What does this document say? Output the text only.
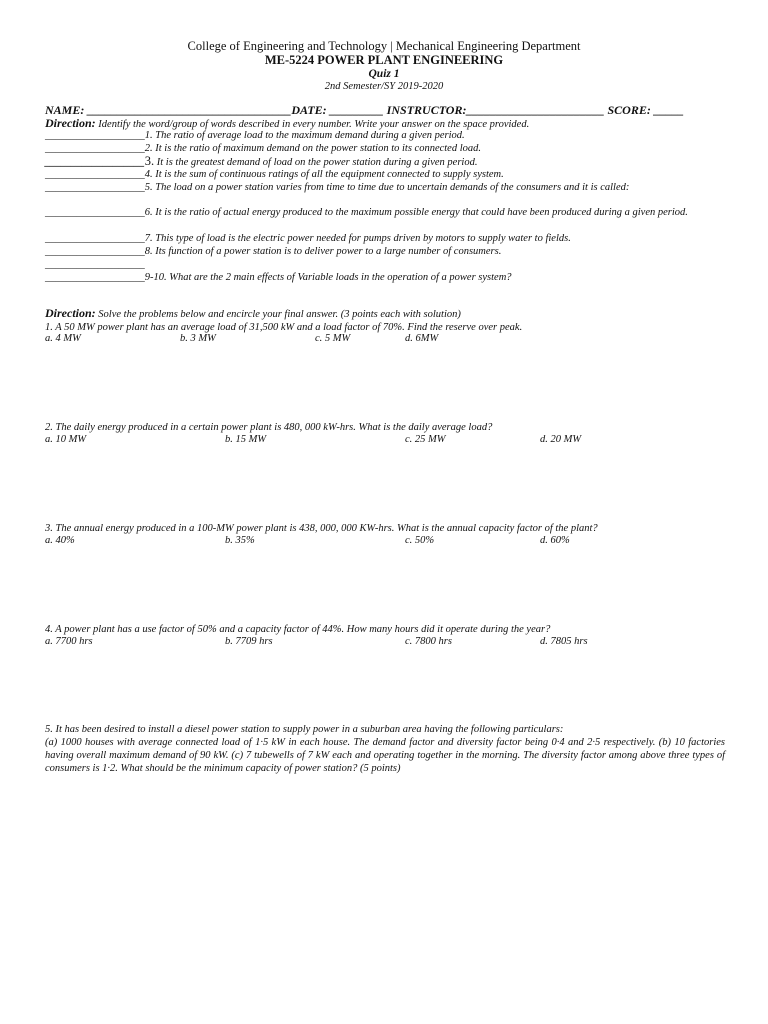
College of Engineering and Technology | Mechanical Engineering Department
ME-5224 POWER PLANT ENGINEERING
Quiz 1
2nd Semester/SY 2019-2020
NAME: __________________________________DATE: _________ INSTRUCTOR:_______________________ SCORE: _____
Direction: Identify the word/group of words described in every number. Write your answer on the space provided.
___________________1. The ratio of average load to the maximum demand during a given period.
___________________2. It is the ratio of maximum demand on the power station to its connected load.
___________________3. It is the greatest demand of load on the power station during a given period.
___________________4. It is the sum of continuous ratings of all the equipment connected to supply system.
___________________5. The load on a power station varies from time to time due to uncertain demands of the consumers and it is called:
___________________6. It is the ratio of actual energy produced to the maximum possible energy that could have been produced during a given period.
___________________7. This type of load is the electric power needed for pumps driven by motors to supply water to fields.
___________________8. Its function of a power station is to deliver power to a large number of consumers.
___________________
___________________9-10. What are the 2 main effects of Variable loads in the operation of a power system?
Direction: Solve the problems below and encircle your final answer. (3 points each with solution)
1. A 50 MW power plant has an average load of 31,500 kW and a load factor of 70%. Find the reserve over peak.
a. 4 MW	b. 3 MW	c. 5 MW	d. 6MW
2. The daily energy produced in a certain power plant is 480, 000 kW-hrs. What is the daily average load?
a. 10 MW	b. 15 MW	c. 25 MW	d. 20 MW
3. The annual energy produced in a 100-MW power plant is 438, 000, 000 KW-hrs. What is the annual capacity factor of the plant?
a. 40%	b. 35%	c. 50%	d. 60%
4. A power plant has a use factor of 50% and a capacity factor of 44%. How many hours did it operate during the year?
a. 7700 hrs	b. 7709 hrs	c. 7800 hrs	d. 7805 hrs
5. It has been desired to install a diesel power station to supply power in a suburban area having the following particulars:
(a) 1000 houses with average connected load of 1·5 kW in each house. The demand factor and diversity factor being 0·4 and 2·5 respectively. (b) 10 factories having overall maximum demand of 90 kW. (c) 7 tubewells of 7 kW each and operating together in the morning. The diversity factor among above three types of consumers is 1·2. What should be the minimum capacity of power station? (5 points)
